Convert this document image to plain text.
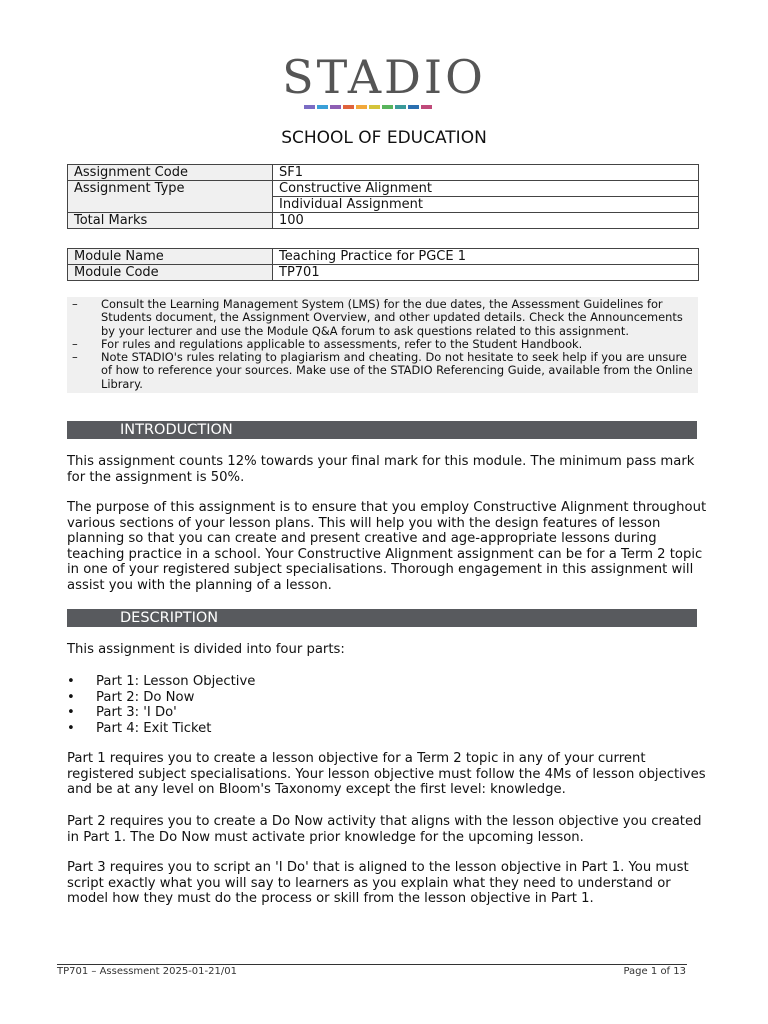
STADIO
SCHOOL OF EDUCATION
Assignment Code	SF1
Assignment Type	Constructive Alignment
	Individual Assignment
Total Marks	100
Module Name	Teaching Practice for PGCE 1
Module Code	TP701
–	Consult the Learning Management System (LMS) for the due dates, the Assessment Guidelines for Students document, the Assignment Overview, and other updated details. Check the Announcements by your lecturer and use the Module Q&A forum to ask questions related to this assignment.
–	For rules and regulations applicable to assessments, refer to the Student Handbook.
–	Note STADIO's rules relating to plagiarism and cheating. Do not hesitate to seek help if you are unsure of how to reference your sources. Make use of the STADIO Referencing Guide, available from the Online Library.
INTRODUCTION
This assignment counts 12% towards your final mark for this module. The minimum pass mark for the assignment is 50%.
The purpose of this assignment is to ensure that you employ Constructive Alignment throughout various sections of your lesson plans. This will help you with the design features of lesson planning so that you can create and present creative and age-appropriate lessons during teaching practice in a school. Your Constructive Alignment assignment can be for a Term 2 topic in one of your registered subject specialisations. Thorough engagement in this assignment will assist you with the planning of a lesson.
DESCRIPTION
This assignment is divided into four parts:
•	Part 1: Lesson Objective
•	Part 2: Do Now
•	Part 3: 'I Do'
•	Part 4: Exit Ticket
Part 1 requires you to create a lesson objective for a Term 2 topic in any of your current registered subject specialisations. Your lesson objective must follow the 4Ms of lesson objectives and be at any level on Bloom's Taxonomy except the first level: knowledge.
Part 2 requires you to create a Do Now activity that aligns with the lesson objective you created in Part 1. The Do Now must activate prior knowledge for the upcoming lesson.
Part 3 requires you to script an 'I Do' that is aligned to the lesson objective in Part 1. You must script exactly what you will say to learners as you explain what they need to understand or model how they must do the process or skill from the lesson objective in Part 1.
TP701 – Assessment 2025-01-21/01	Page 1 of 13
